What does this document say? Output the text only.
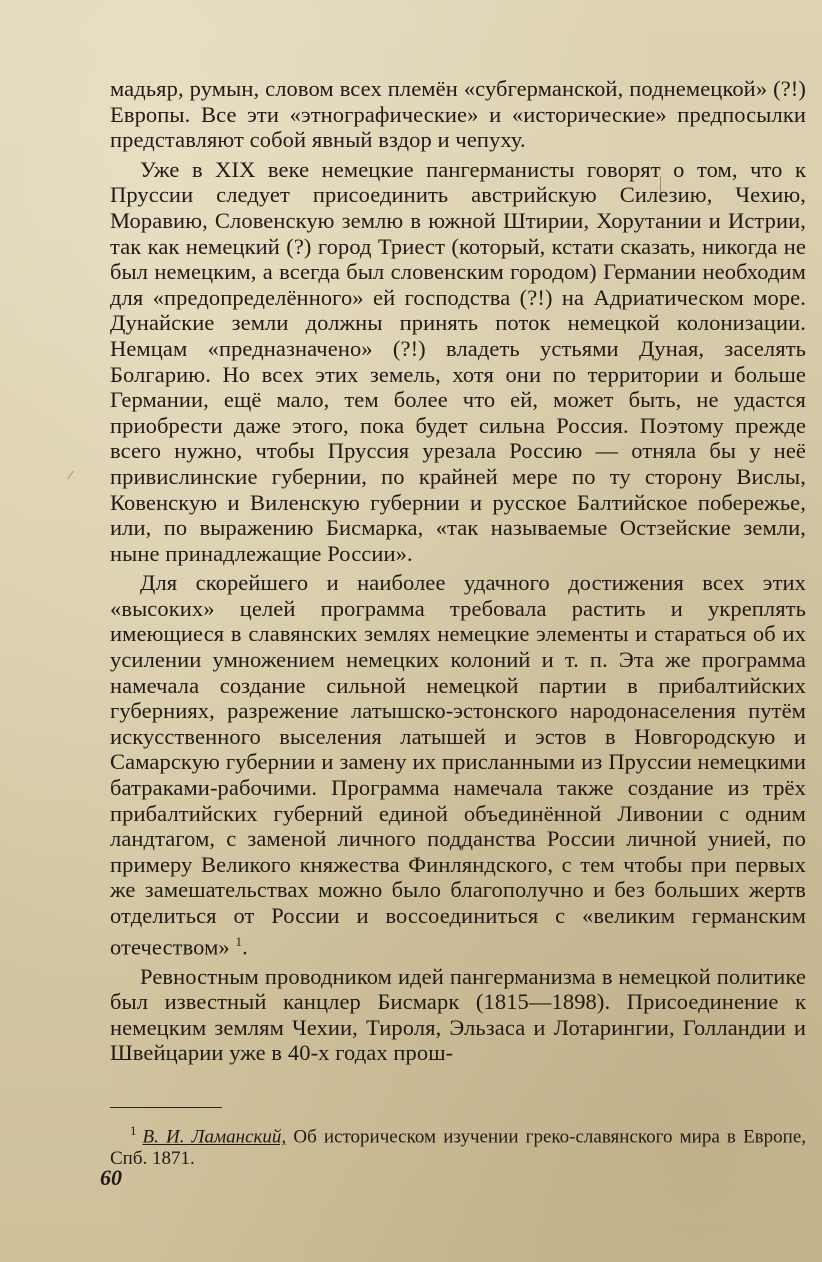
мадьяр, румын, словом всех племён «субгерманской, поднемецкой» (?!) Европы. Все эти «этнографические» и «исторические» предпосылки представляют собой явный вздор и чепуху.

Уже в XIX веке немецкие пангерманисты говорят о том, что к Пруссии следует присоединить австрийскую Силезию, Чехию, Моравию, Словенскую землю в южной Штирии, Хорутании и Истрии, так как немецкий (?) город Триест (который, кстати сказать, никогда не был немецким, а всегда был словенским городом) Германии необходим для «предопределённого» ей господства (?!) на Адриатическом море. Дунайские земли должны принять поток немецкой колонизации. Немцам «предназначено» (?!) владеть устьями Дуная, заселять Болгарию. Но всех этих земель, хотя они по территории и больше Германии, ещё мало, тем более что ей, может быть, не удастся приобрести даже этого, пока будет сильна Россия. Поэтому прежде всего нужно, чтобы Пруссия урезала Россию — отняла бы у неё привислинские губернии, по крайней мере по ту сторону Вислы, Ковенскую и Виленскую губернии и русское Балтийское побережье, или, по выражению Бисмарка, «так называемые Остзейские земли, ныне принадлежащие России».

Для скорейшего и наиболее удачного достижения всех этих «высоких» целей программа требовала растить и укреплять имеющиеся в славянских землях немецкие элементы и стараться об их усилении умножением немецких колоний и т. п. Эта же программа намечала создание сильной немецкой партии в прибалтийских губерниях, разрежение латышско-эстонского народонаселения путём искусственного выселения латышей и эстов в Новгородскую и Самарскую губернии и замену их присланными из Пруссии немецкими батраками-рабочими. Программа намечала также создание из трёх прибалтийских губерний единой объединённой Ливонии с одним ландтагом, с заменой личного подданства России личной унией, по примеру Великого княжества Финляндского, с тем чтобы при первых же замешательствах можно было благополучно и без больших жертв отделиться от России и воссоединиться с «великим германским отечеством» $^1$.

Ревностным проводником идей пангерманизма в немецкой политике был известный канцлер Бисмарк (1815—1898). Присоединение к немецким землям Чехии, Тироля, Эльзаса и Лотарингии, Голландии и Швейцарии уже в 40-х годах прош-

$^1$ В. И. Ламанский, Об историческом изучении греко-славянского мира в Европе, Спб. 1871.
60
